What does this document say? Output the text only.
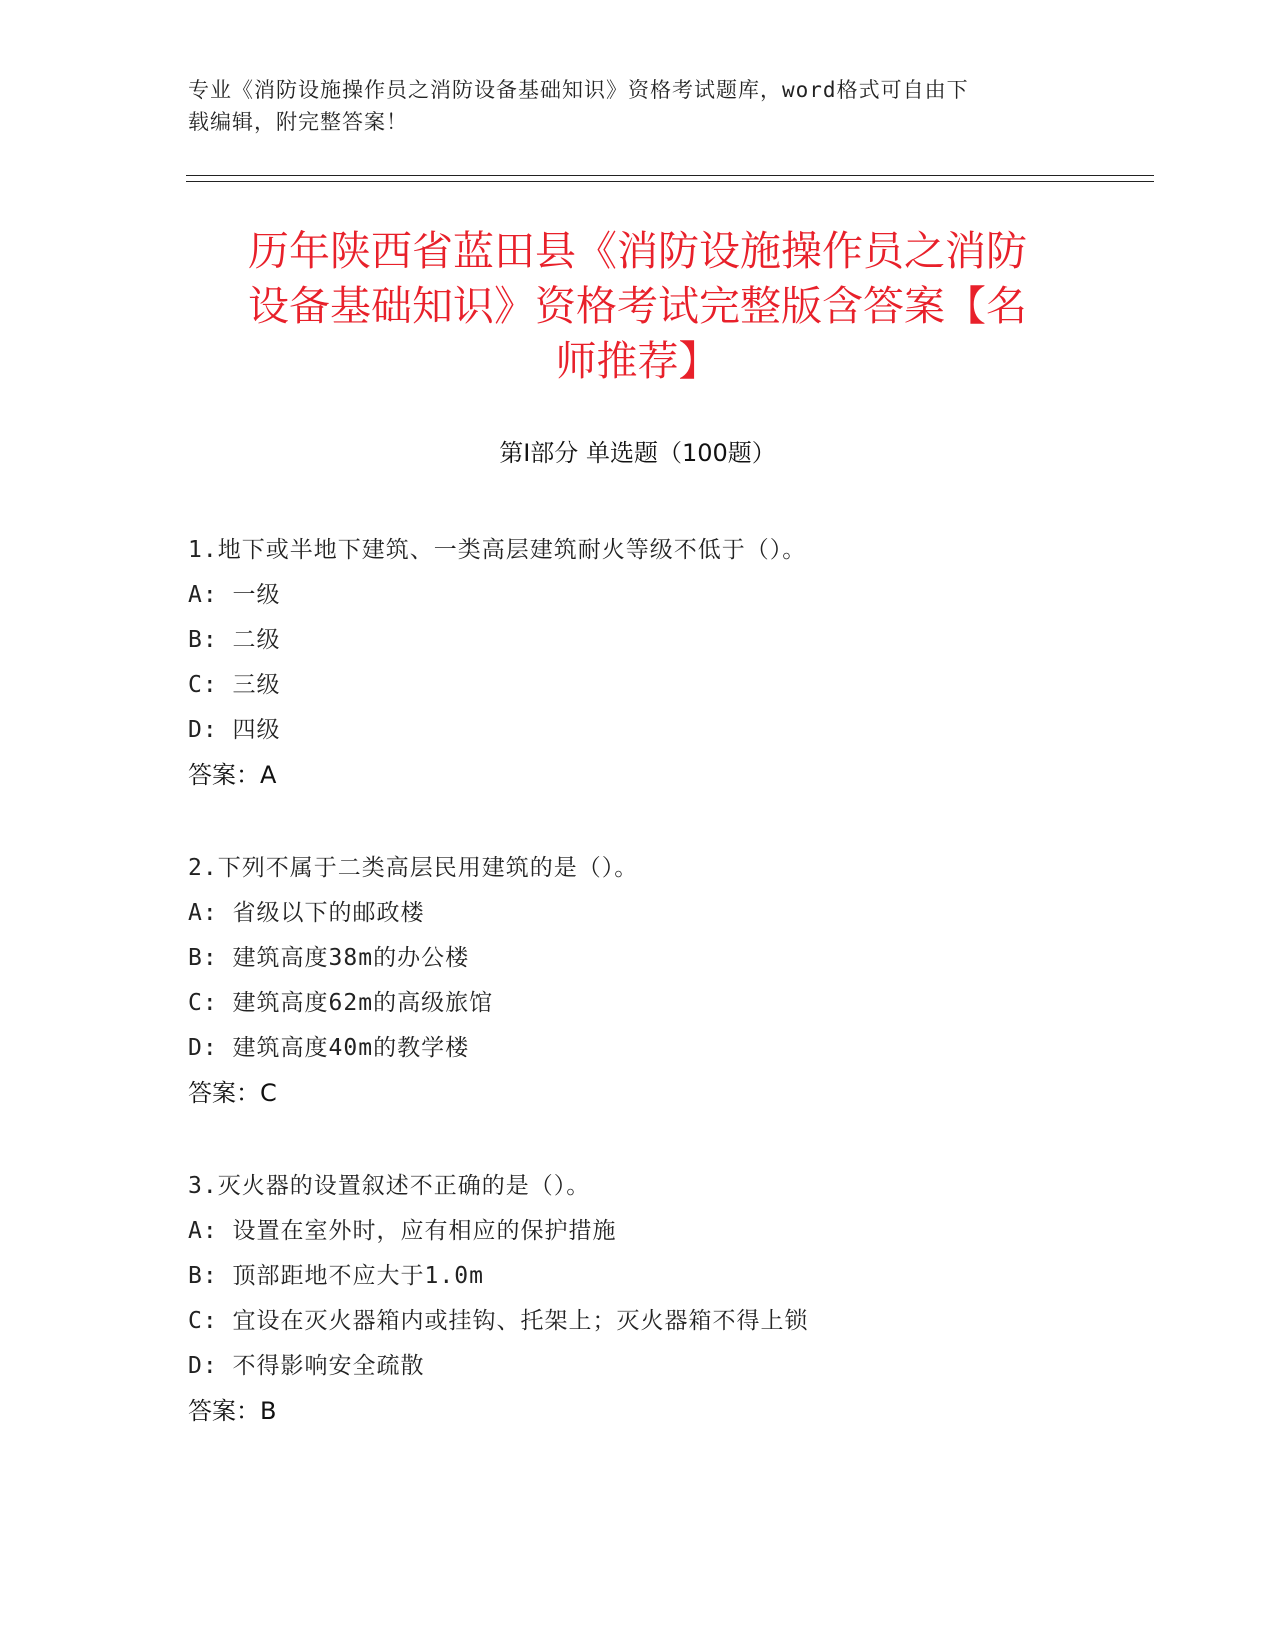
专业《消防设施操作员之消防设备基础知识》资格考试题库，word格式可自由下
载编辑，附完整答案！
历年陕西省蓝田县《消防设施操作员之消防
设备基础知识》资格考试完整版含答案【名
师推荐】
第Ⅰ部分 单选题（100题）
1.地下或半地下建筑、一类高层建筑耐火等级不低于（）。
A: 一级
B: 二级
C: 三级
D: 四级
答案：A
2.下列不属于二类高层民用建筑的是（）。
A: 省级以下的邮政楼
B: 建筑高度38m的办公楼
C: 建筑高度62m的高级旅馆
D: 建筑高度40m的教学楼
答案：C
3.灭火器的设置叙述不正确的是（）。
A: 设置在室外时，应有相应的保护措施
B: 顶部距地不应大于1.0m
C: 宜设在灭火器箱内或挂钩、托架上；灭火器箱不得上锁
D: 不得影响安全疏散
答案：B
